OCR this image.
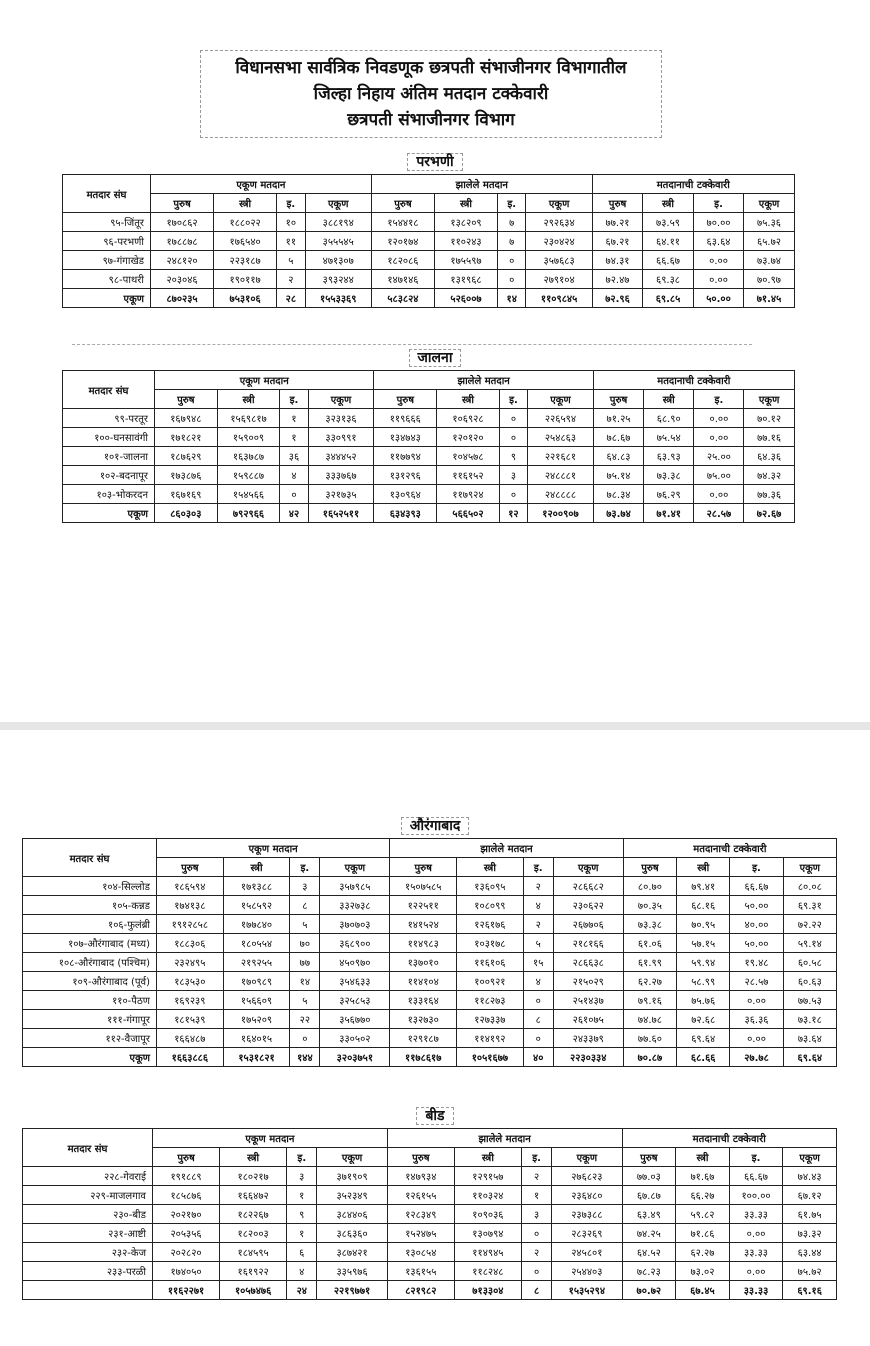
विधानसभा सार्वत्रिक निवडणूक छत्रपती संभाजीनगर विभागातील
जिल्हा निहाय अंतिम मतदान टक्केवारी
छत्रपती संभाजीनगर विभाग
परभणी
मतदार संघ	एकूण मतदान				झालेले मतदान				मतदानाची टक्केवारी			
	पुरुष	स्त्री	इ.	एकूण	पुरुष	स्त्री	इ.	एकूण	पुरुष	स्त्री	इ.	एकूण
९५-जिंतूर	१७०८६२	१८८०२२	१०	३८८१९४	१५४४१८	१३८२०९	७	२९२६३४	७७.२१	७३.५९	७०.००	७५.३६
९६-परभणी	१७८८७८	१७६५४०	११	३५५५४५	१२०१७४	११०२४३	७	२३०४२४	६७.२१	६४.११	६३.६४	६५.७२
९७-गंगाखेड	२४८१२०	२२३१८७	५	४७१३०७	१८२०८६	१७५५९७	०	३५७६८३	७४.३१	६६.६७	०.००	७३.७४
९८-पाथरी	२०३०४६	१९०११७	२	३९३२४४	१४७१४६	१३१९६८	०	२७९१०४	७२.४७	६९.३८	०.००	७०.९७
एकूण	८७०२३५	७५३१०६	२८	१५५३३६९	५८३८२४	५२६००७	१४	११०९८४५	७२.९६	६९.८५	५०.००	७१.४५
जालना
मतदार संघ	एकूण मतदान				झालेले मतदान				मतदानाची टक्केवारी			
	पुरुष	स्त्री	इ.	एकूण	पुरुष	स्त्री	इ.	एकूण	पुरुष	स्त्री	इ.	एकूण
९९-परतूर	१६७९४८	१५६९८१७	१	३२३१३६	११९६६६	१०६९२८	०	२२६५९४	७१.२५	६८.९०	०.००	७०.१२
१००-घनसावंगी	१७१८२१	१५९००९	१	३३०९९१	१३४७४३	१२०१२०	०	२५४८६३	७८.६७	७५.५४	०.००	७७.१६
१०१-जालना	१८७६२९	१६३७८७	३६	३४४४५२	११७७९४	१०४५७८	९	२२१६८१	६४.८३	६३.९३	२५.००	६४.३६
१०२-बदनापूर	१७३८७६	१५९८८७	४	३३३७६७	१३१२९६	११६१५२	३	२४८८८१	७५.१४	७३.३८	७५.००	७४.३२
१०३-भोकरदन	१६७१६९	१५४५६६	०	३२१७३५	१३०९६४	११७९२४	०	२४८८८८	७८.३४	७६.२९	०.००	७७.३६
एकूण	८६०३०३	७९२९६६	४२	१६५२५११	६३४३९३	५६६५०२	१२	१२००९०७	७३.७४	७१.४१	२८.५७	७२.६७
औरंगाबाद
मतदार संघ	एकूण मतदान				झालेले मतदान				मतदानाची टक्केवारी			
	पुरुष	स्त्री	इ.	एकूण	पुरुष	स्त्री	इ.	एकूण	पुरुष	स्त्री	इ.	एकूण
१०४-सिल्लोड	१८६५९४	१७१३८८	३	३५७९८५	१५०७५८५	१३६०९५	२	२८६६८२	८०.७०	७९.४१	६६.६७	८०.०८
१०५-कन्नड	१७४१३८	१५८५९२	८	३३२७३८	१२२५११	१०८०९९	४	२३०६२२	७०.३५	६८.१६	५०.००	६९.३१
१०६-फुलंब्री	१९१२८५८	१७७८४०	५	३७०७०३	१४१५२४	१२६१७६	२	२६७७०६	७३.३८	७०.९५	४०.००	७२.२२
१०७-औरंगाबाद (मध्य)	१८८३०६	१८०५५४	७०	३६८९००	११४९८३	१०३१७८	५	२१८१६६	६१.०६	५७.१५	५०.००	५९.१४
१०८-औरंगाबाद (पश्चिम)	२३२४९५	२१९२५५	७७	४५०९७०	१३७०१०	११६१०६	१५	२८६६३८	६१.९९	५९.९४	१९.४८	६०.५८
१०९-औरंगाबाद (पूर्व)	१८३५३०	१७०९८९	१४	३५४६३३	११४१०४	१००९२१	४	२१५०२९	६२.२७	५८.९९	२८.५७	६०.६३
११०-पैठण	१६९२३९	१५६६०९	५	३२५८५३	१३३१६४	११८२७३	०	२५१४३७	७९.१६	७५.७६	०.००	७७.५३
१११-गंगापूर	१८१५३९	१७५२०९	२२	३५६७७०	१३२७३०	१२७३३७	८	२६१०७५	७४.७८	७२.६८	३६.३६	७३.१८
११२-वैजापूर	१६६४८७	१६४०१५	०	३३०५०२	१२९१८७	११४१९२	०	२४३३७९	७७.६०	६९.६४	०.००	७३.६४
एकूण	१६६३८८६	१५३१८२१	१४४	३२०३७५१	११७८६१७	१०५१६७७	४०	२२३०३३४	७०.८७	६८.६६	२७.७८	६९.६४
बीड
मतदार संघ	एकूण मतदान				झालेले मतदान				मतदानाची टक्केवारी			
	पुरुष	स्त्री	इ.	एकूण	पुरुष	स्त्री	इ.	एकूण	पुरुष	स्त्री	इ.	एकूण
२२८-गेवराई	१९१८८९	१८०२१७	३	३७१९०९	१४७९३४	१२९१५७	२	२७६८२३	७७.०३	७१.६७	६६.६७	७४.४३
२२९-माजलगाव	१८५८७६	१६६४७२	१	३५२३४९	१२६१५५	११०३२४	१	२३६४८०	६७.८७	६६.२७	१००.००	६७.१२
२३०-बीड	२०२१७०	१८२२६७	९	३८४४०६	१२८३४९	१०९०३६	३	२३७३८८	६३.४९	५९.८२	३३.३३	६१.७५
२३१-आष्टी	२०५३५६	१८२००३	१	३८६३६०	१५२४७५	१३०७९४	०	२८३२६९	७४.२५	७१.८६	०.००	७३.३२
२३२-केज	२०२८२०	१८४५९५	६	३८७४२१	१३०८५४	११४९४५	२	२४५८०१	६४.५२	६२.२७	३३.३३	६३.४४
२३३-परळी	१७४०५०	१६१९२२	४	३३५९७६	१३६१५५	११८२४८	०	२५४४०३	७८.२३	७३.०२	०.००	७५.७२
	११६२२७१	१०५७४७६	२४	२२१९७७१	८२१९८२	७१३३०४	८	१५३५२९४	७०.७२	६७.४५	३३.३३	६९.१६
